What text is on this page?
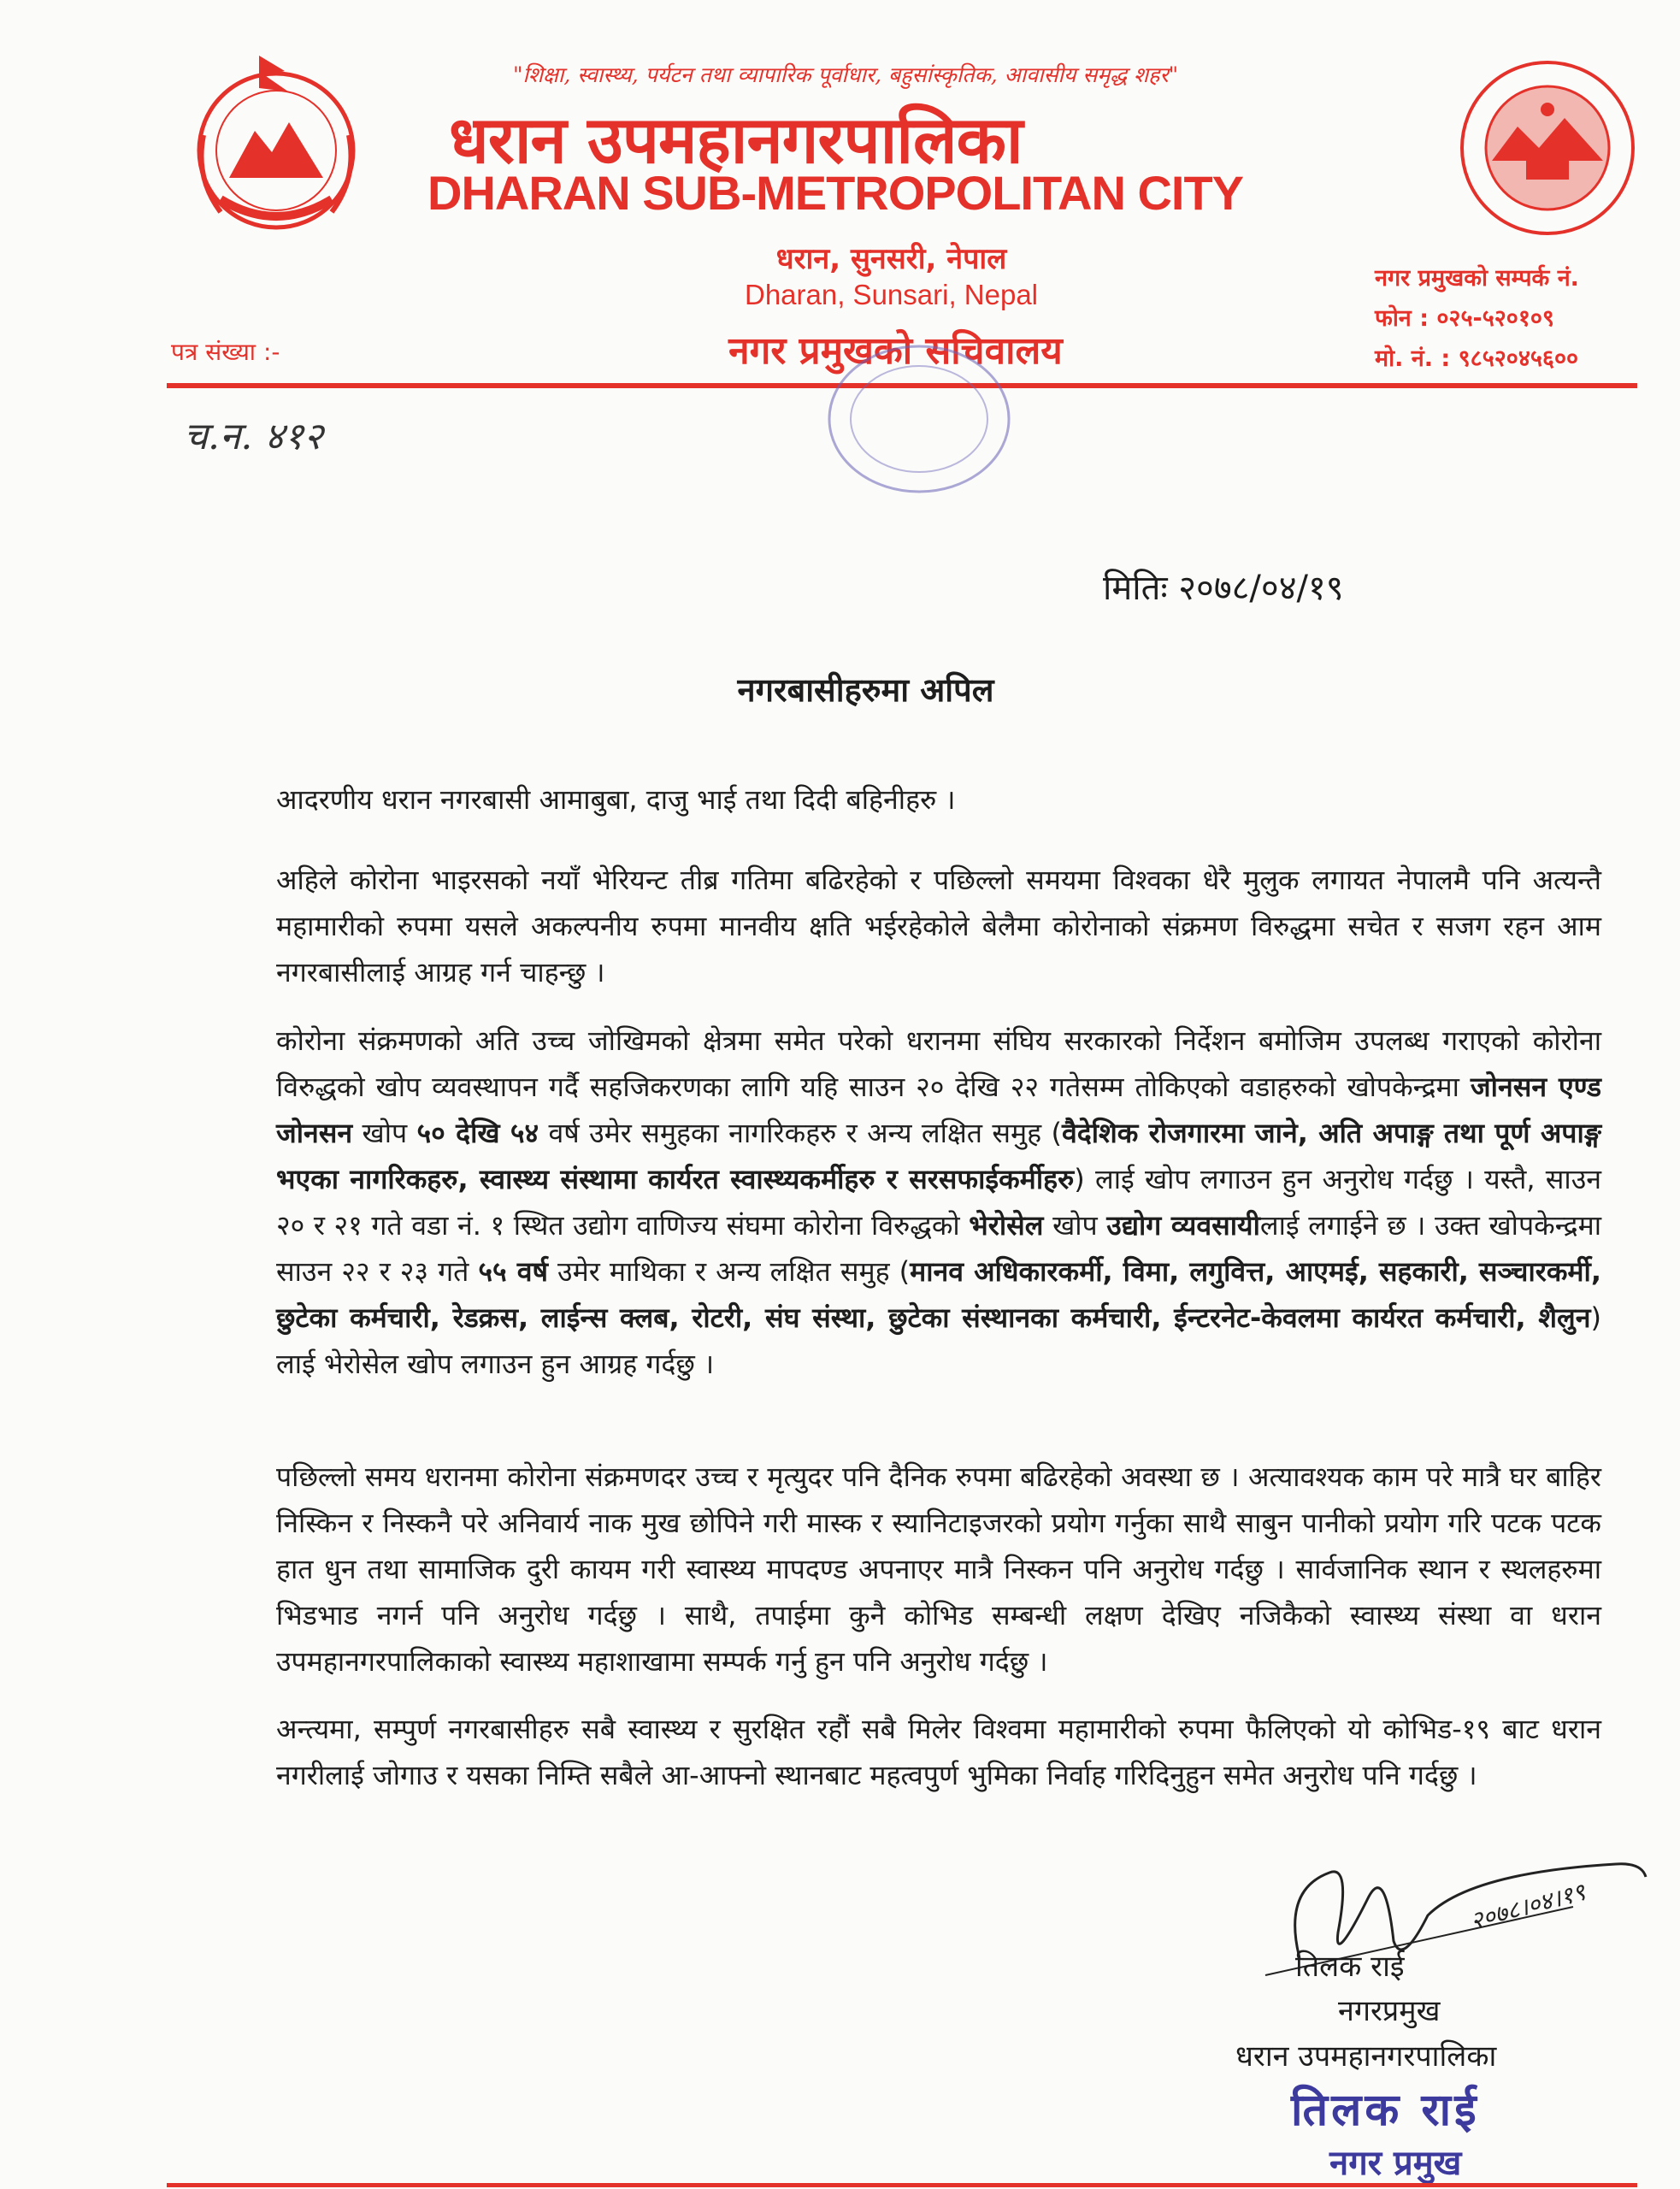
"शिक्षा, स्वास्थ्य, पर्यटन तथा व्यापारिक पूर्वाधार, बहुसांस्कृतिक, आवासीय समृद्ध शहर"
धरान उपमहानगरपालिका
DHARAN SUB-METROPOLITAN CITY
धरान, सुनसरी, नेपाल
Dharan, Sunsari, Nepal
नगर प्रमुखको सचिवालय
पत्र संख्या :-
नगर प्रमुखको सम्पर्क नं.
फोन : ०२५-५२०१०९
मो. नं. : ९८५२०४५६००
च.न. ४१२
मितिः २०७८/०४/१९
नगरबासीहरुमा अपिल
आदरणीय धरान नगरबासी आमाबुबा, दाजु भाई तथा दिदी बहिनीहरु ।
अहिले कोरोना भाइरसको नयाँ भेरियन्ट तीब्र गतिमा बढिरहेको र पछिल्लो समयमा विश्वका धेरै मुलुक लगायत नेपालमै पनि अत्यन्तै महामारीको रुपमा यसले अकल्पनीय रुपमा मानवीय क्षति भईरहेकोले बेलैमा कोरोनाको संक्रमण विरुद्धमा सचेत र सजग रहन आम नगरबासीलाई आग्रह गर्न चाहन्छु ।
कोरोना संक्रमणको अति उच्च जोखिमको क्षेत्रमा समेत परेको धरानमा संघिय सरकारको निर्देशन बमोजिम उपलब्ध गराएको कोरोना विरुद्धको खोप व्यवस्थापन गर्दै सहजिकरणका लागि यहि साउन २० देखि २२ गतेसम्म तोकिएको वडाहरुको खोपकेन्द्रमा जोनसन एण्ड जोनसन खोप ५० देखि ५४ वर्ष उमेर समुहका नागरिकहरु र अन्य लक्षित समुह (वैदेशिक रोजगारमा जाने, अति अपाङ्ग तथा पूर्ण अपाङ्ग भएका नागरिकहरु, स्वास्थ्य संस्थामा कार्यरत स्वास्थ्यकर्मीहरु र सरसफाईकर्मीहरु) लाई खोप लगाउन हुन अनुरोध गर्दछु । यस्तै, साउन २० र २१ गते वडा नं. १ स्थित उद्योग वाणिज्य संघमा कोरोना विरुद्धको भेरोसेल खोप उद्योग व्यवसायीलाई लगाईने छ । उक्त खोपकेन्द्रमा साउन २२ र २३ गते ५५ वर्ष उमेर माथिका र अन्य लक्षित समुह (मानव अधिकारकर्मी, विमा, लगुवित्त, आएमई, सहकारी, सञ्चारकर्मी, छुटेका कर्मचारी, रेडक्रस, लाईन्स क्लब, रोटरी, संघ संस्था, छुटेका संस्थानका कर्मचारी, ईन्टरनेट-केवलमा कार्यरत कर्मचारी, शैलुन) लाई भेरोसेल खोप लगाउन हुन आग्रह गर्दछु ।
पछिल्लो समय धरानमा कोरोना संक्रमणदर उच्च र मृत्युदर पनि दैनिक रुपमा बढिरहेको अवस्था छ । अत्यावश्यक काम परे मात्रै घर बाहिर निस्किन र निस्कनै परे अनिवार्य नाक मुख छोपिने गरी मास्क र स्यानिटाइजरको प्रयोग गर्नुका साथै साबुन पानीको प्रयोग गरि पटक पटक हात धुन तथा सामाजिक दुरी कायम गरी स्वास्थ्य मापदण्ड अपनाएर मात्रै निस्कन पनि अनुरोध गर्दछु । सार्वजानिक स्थान र स्थलहरुमा भिडभाड नगर्न पनि अनुरोध गर्दछु । साथै, तपाईमा कुनै कोभिड सम्बन्धी लक्षण देखिए नजिकैको स्वास्थ्य संस्था वा धरान उपमहानगरपालिकाको स्वास्थ्य महाशाखामा सम्पर्क गर्नु हुन पनि अनुरोध गर्दछु ।
अन्त्यमा, सम्पुर्ण नगरबासीहरु सबै स्वास्थ्य र सुरक्षित रहौं सबै मिलेर विश्वमा महामारीको रुपमा फैलिएको यो कोभिड-१९ बाट धरान नगरीलाई जोगाउ र यसका निम्ति सबैले आ-आफ्नो स्थानबाट महत्वपुर्ण भुमिका निर्वाह गरिदिनुहुन समेत अनुरोध पनि गर्दछु ।
२०७८।०४।१९
तिलक राई
नगरप्रमुख
धरान उपमहानगरपालिका
तिलक राई
नगर प्रमुख
